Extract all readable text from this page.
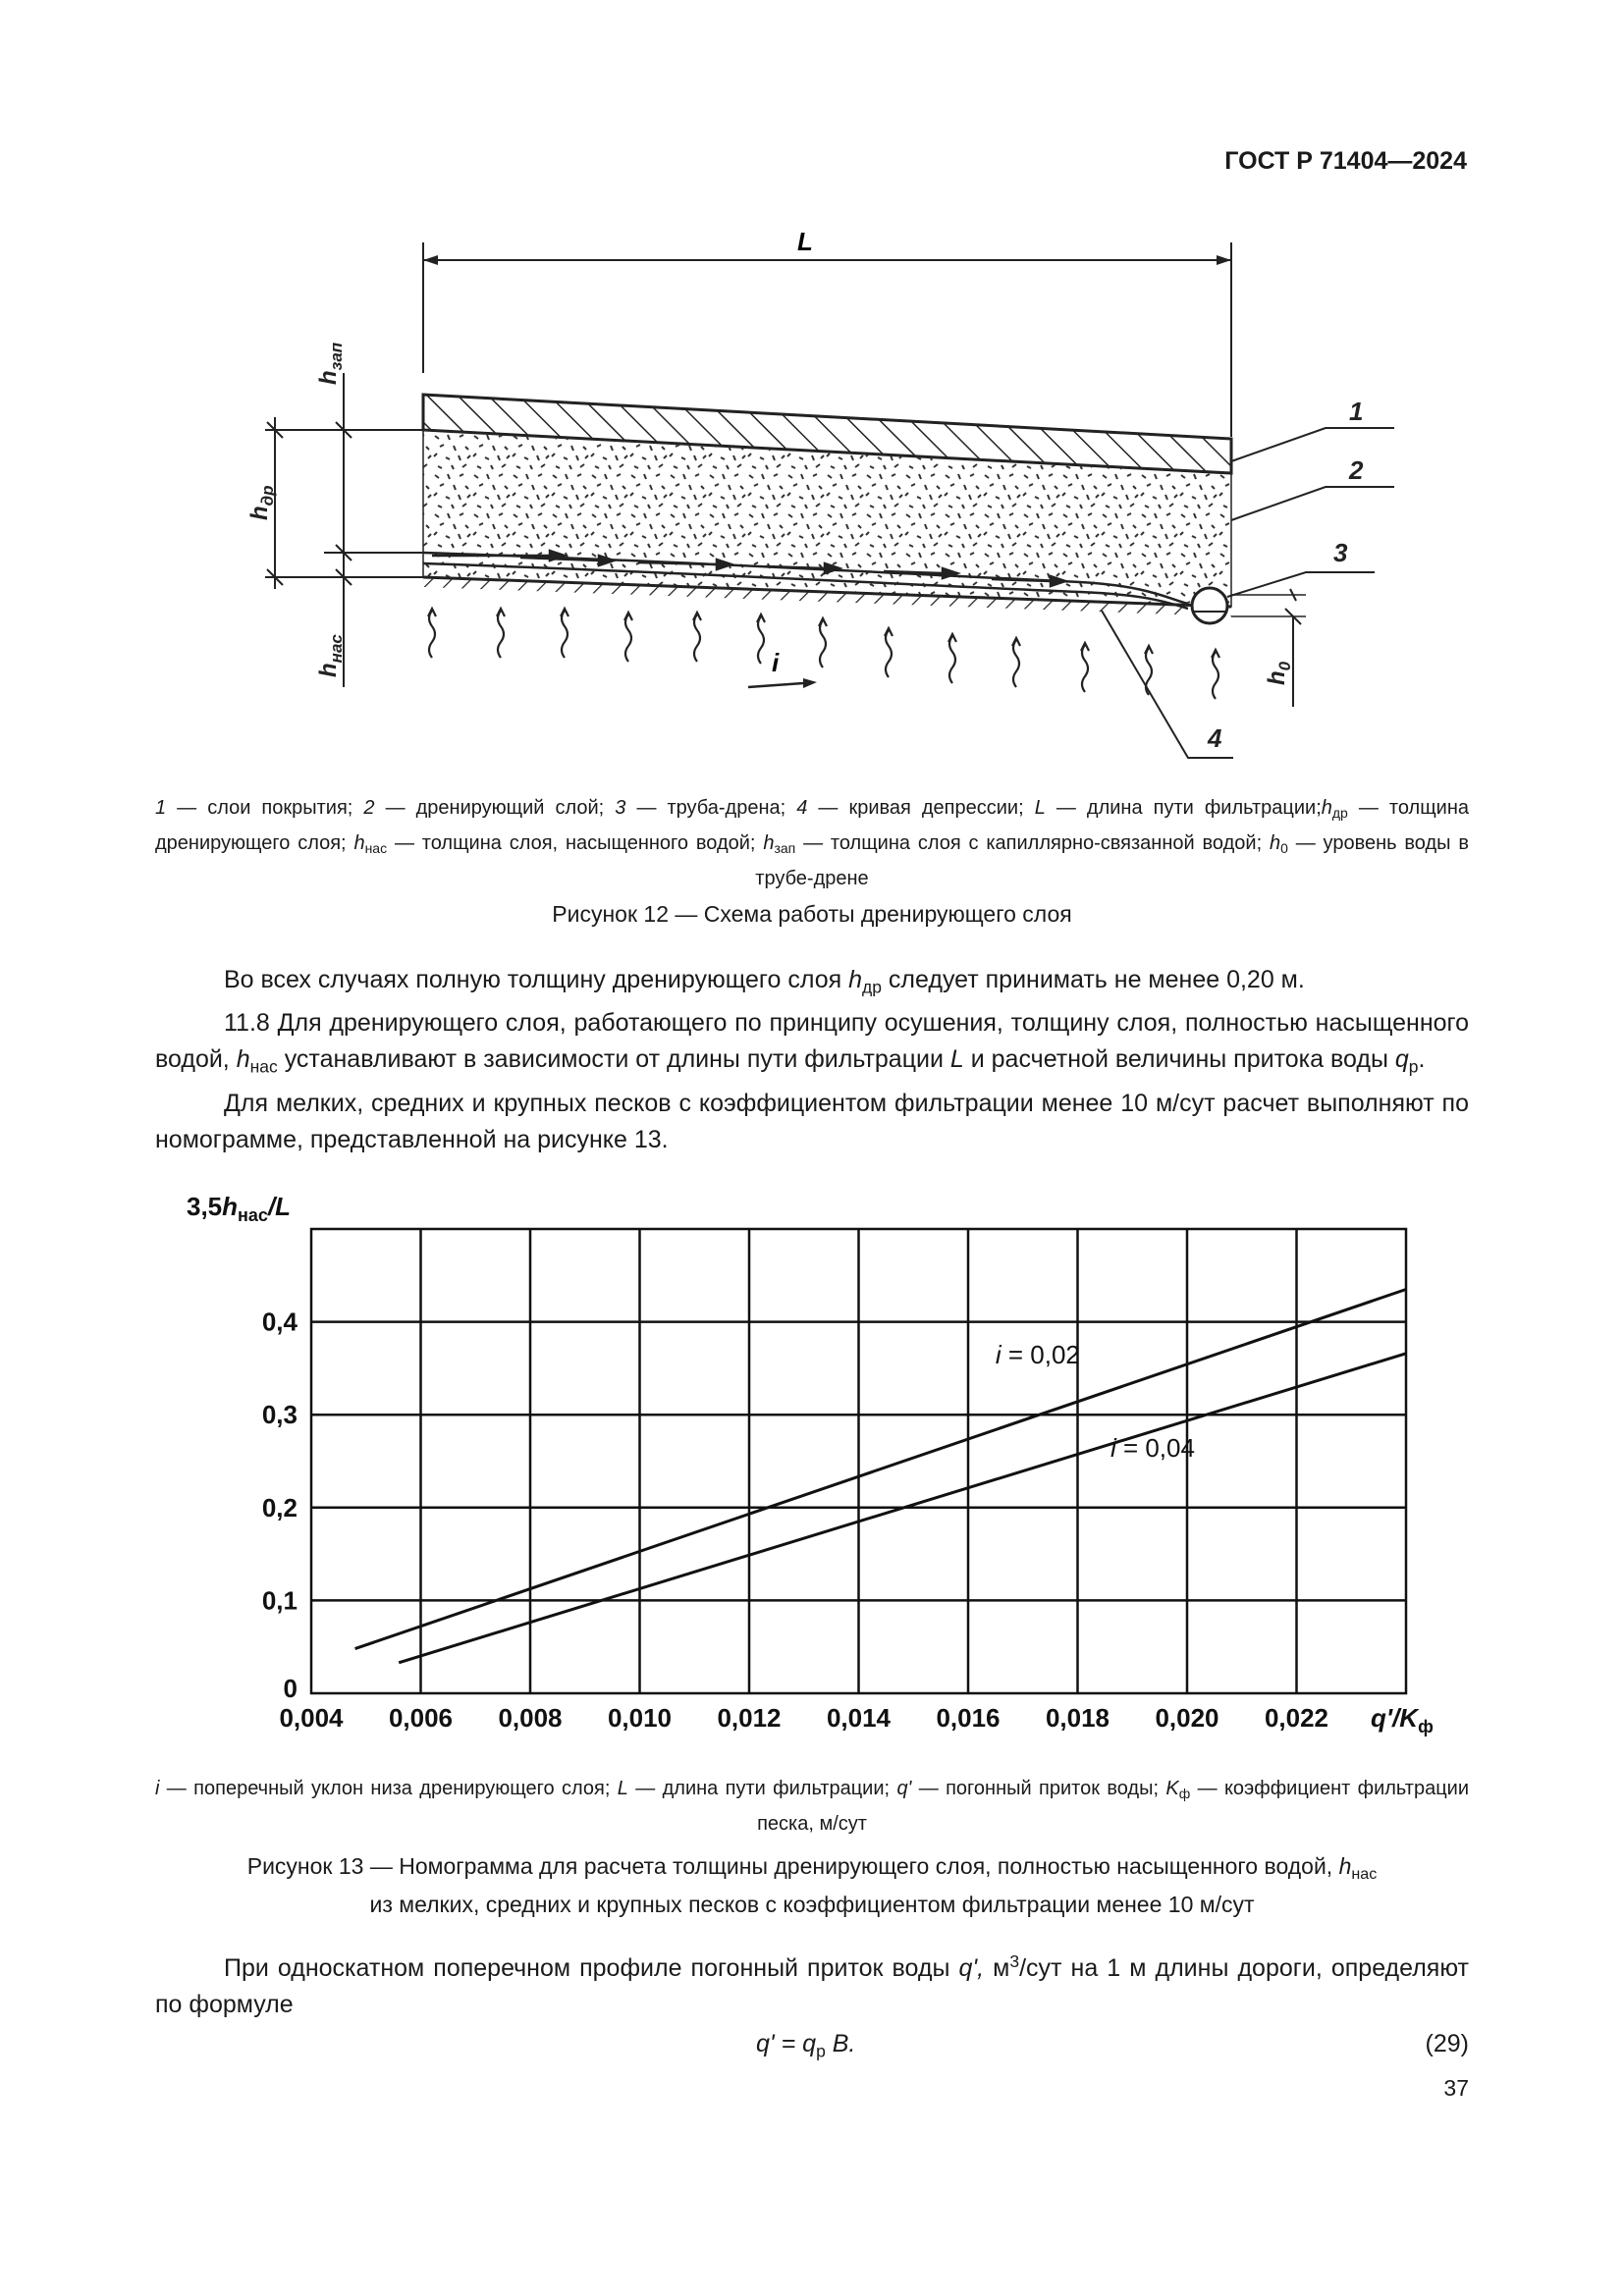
ГОСТ Р 71404—2024
L
$h_{зап}$
$h_{др}$
$h_{нас}$
$h_0$
i
1
2
3
4
1 — слои покрытия; 2 — дренирующий слой; 3 — труба-дрена; 4 — кривая депрессии; L — длина пути $фильтрации;h_{др}$ — толщина дренирующего слоя; $h_{нас}$ — толщина слоя, насыщенного водой; $h_{зап}$ — толщина слоя с капиллярно-связанной водой; $h_0$ — уровень воды в трубе-дрене
Рисунок 12 — Схема работы дренирующего слоя

Во всех случаях полную толщину дренирующего слоя $h_{др}$ следует принимать не менее 0,20 м.

11.8 Для дренирующего слоя, работающего по принципу осушения, толщину слоя, полностью насыщенного водой, $h_{нас}$ устанавливают в зависимости от длины пути фильтрации L и расчетной величины притока воды $q_р$.

Для мелких, средних и крупных песков с коэффициентом фильтрации менее 10 м/сут расчет выполняют по номограмме, представленной на рисунке 13.

0,004 0,006 0,008 0,010 0,012 0,014 0,016 0,018 0,020 0,022
0
0,1
0,2
0,3
0,4
$3,5h_{нас}/L$
$q'/K_ф$
i = 0,02
i = 0,04
i — поперечный уклон низа дренирующего слоя; L — длина пути фильтрации; q' — погонный приток воды; $K_ф$ — коэффициент фильтрации песка, м/сут
Рисунок 13 — Номограмма для расчета толщины дренирующего слоя, полностью насыщенного водой, $h_{нас}$
из мелких, средних и крупных песков с коэффициентом фильтрации менее 10 м/сут

При односкатном поперечном профиле погонный приток воды q', $м^3$/сут на 1 м длины дороги, определяют по формуле

$q' = q_р$ B.	(29)
37
